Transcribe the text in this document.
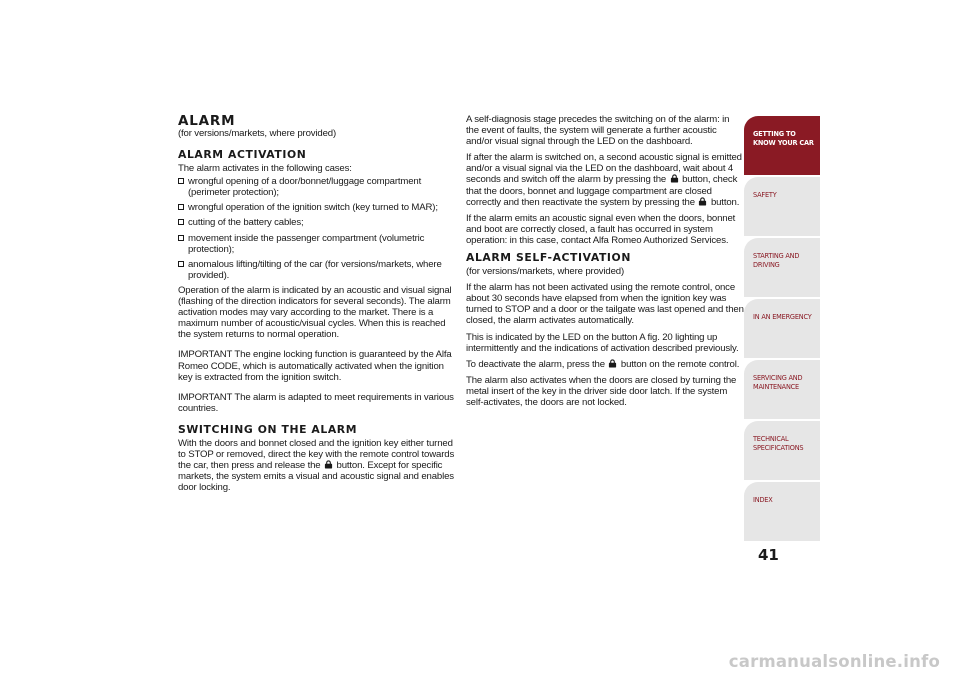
ALARM
(for versions/markets, where provided)
ALARM ACTIVATION

The alarm activates in the following cases:

wrongful opening of a door/bonnet/luggage compartment (perimeter protection);
wrongful operation of the ignition switch (key turned to MAR);
cutting of the battery cables;
movement inside the passenger compartment (volumetric protection);
anomalous lifting/tilting of the car (for versions/markets, where provided).

Operation of the alarm is indicated by an acoustic and visual signal (flashing of the direction indicators for several seconds). The alarm activation modes may vary according to the market. There is a maximum number of acoustic/visual cycles. When this is reached the system returns to normal operation.

IMPORTANT The engine locking function is guaranteed by the Alfa Romeo CODE, which is automatically activated when the ignition key is extracted from the ignition switch.

IMPORTANT The alarm is adapted to meet requirements in various countries.

SWITCHING ON THE ALARM

With the doors and bonnet closed and the ignition key either turned to STOP or removed, direct the key with the remote control towards the car, then press and release the button. Except for specific markets, the system emits a visual and acoustic signal and enables door locking.

A self-diagnosis stage precedes the switching on of the alarm: in the event of faults, the system will generate a further acoustic and/or visual signal through the LED on the dashboard.

If after the alarm is switched on, a second acoustic signal is emitted and/or a visual signal via the LED on the dashboard, wait about 4 seconds and switch off the alarm by pressing the button, check that the doors, bonnet and luggage compartment are closed correctly and then reactivate the system by pressing the button.

If the alarm emits an acoustic signal even when the doors, bonnet and boot are correctly closed, a fault has occurred in system operation: in this case, contact Alfa Romeo Authorized Services.

ALARM SELF-ACTIVATION
(for versions/markets, where provided)

If the alarm has not been activated using the remote control, once about 30 seconds have elapsed from when the ignition key was turned to STOP and a door or the tailgate was last opened and then closed, the alarm activates automatically.

This is indicated by the LED on the button A fig. 20 lighting up intermittently and the indications of activation described previously.

To deactivate the alarm, press the button on the remote control.

The alarm also activates when the doors are closed by turning the metal insert of the key in the driver side door latch. If the system self-activates, the doors are not locked.

GETTING TO
KNOW YOUR CAR
SAFETY
STARTING AND
DRIVING
IN AN EMERGENCY
SERVICING AND
MAINTENANCE
TECHNICAL
SPECIFICATIONS
INDEX
41
carmanualsonline.info
